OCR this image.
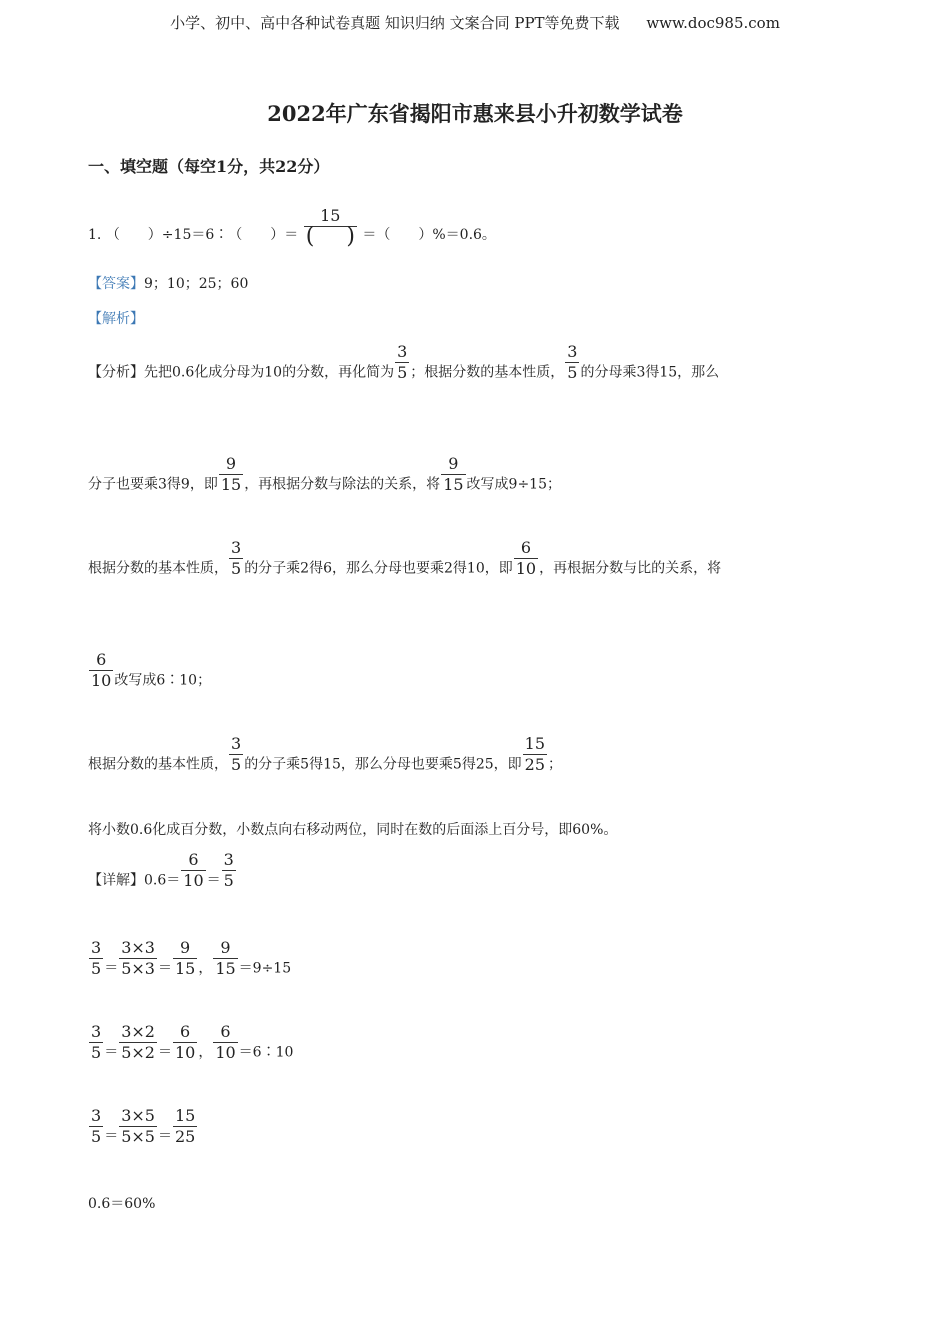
小学、初中、高中各种试卷真题 知识归纳 文案合同 PPT等免费下载 www.doc985.com
2022年广东省揭阳市惠来县小升初数学试卷
一、填空题（每空1分，共22分）
1. （　　）÷15＝6∶（　　）＝ $\frac{15}{( )}$ ＝（　　）%＝0.6。
【答案】9；10；25；60
【解析】
【分析】先把0.6化成分母为10的分数，再化简为 $\frac{3}{5}$ ；根据分数的基本性质， $\frac{3}{5}$ 的分母乘3得15，那么
分子也要乘3得9，即 $\frac{9}{15}$ ，再根据分数与除法的关系，将 $\frac{9}{15}$ 改写成9÷15；
根据分数的基本性质， $\frac{3}{5}$ 的分子乘2得6，那么分母也要乘2得10，即 $\frac{6}{10}$ ，再根据分数与比的关系，将
$\frac{6}{10}$ 改写成6∶10；
根据分数的基本性质， $\frac{3}{5}$ 的分子乘5得15，那么分母也要乘5得25，即 $\frac{15}{25}$ ；
将小数0.6化成百分数，小数点向右移动两位，同时在数的后面添上百分号，即60%。
【详解】$0.6= \frac{6}{10} = \frac{3}{5}$
$\frac{3}{5} = \frac{3\times 3}{5\times 3} = \frac{9}{15}$ ， $\frac{9}{15} =9\div 15$
$\frac{3}{5} = \frac{3\times 2}{5\times 2} = \frac{6}{10}$ ， $\frac{6}{10}$ ＝6∶10
$\frac{3}{5} = \frac{3\times 5}{5\times 5} = \frac{15}{25}$
0.6＝60%
